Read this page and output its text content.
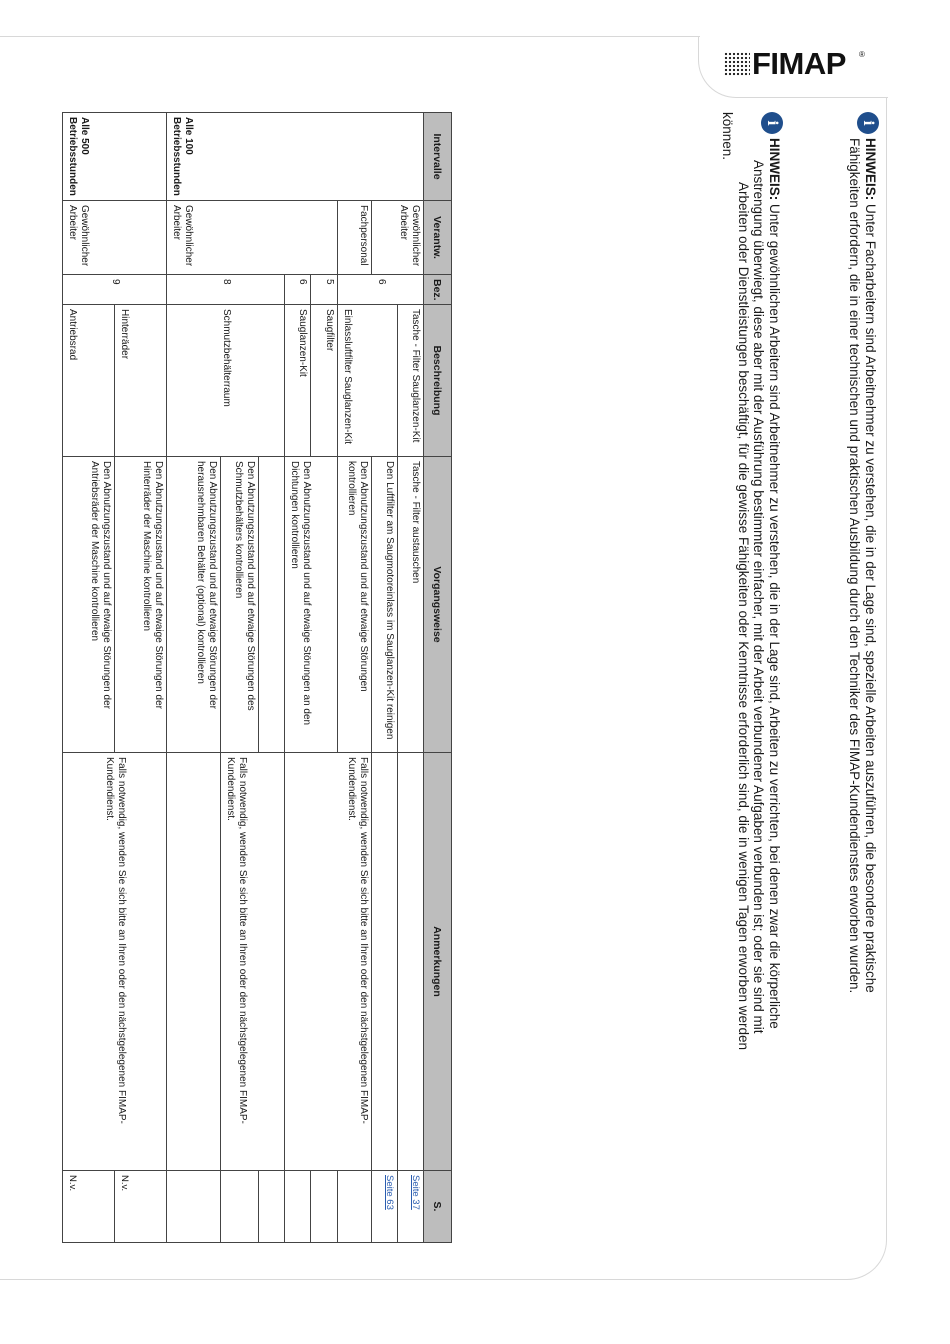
FIMAP ®
Intervalle	Verantw.	Bez.	Beschreibung	Vorgangsweise	Anmerkungen	S.
Alle 100 Betriebsstunden	Gewöhnlicher Arbeiter	6	Tasche - Filter Sauglanzen-Kit	Tasche - Filter austauschen		Seite 37
			Einlassluftfilter Sauglanzen-Kit	Den Luftfilter am Saugmotoreinlass im Sauglanzen-Kit reinigen		Seite 63
	Fachpersonal			Den Abnutzungszustand und auf etwaige Störungen kontrollieren	Falls notwendig, wenden Sie sich bitte an Ihren oder den nächstgelegenen FIMAP-Kundendienst.	
	Gewöhnlicher Arbeiter	5	Saugfilter	Den Abnutzungszustand und auf etwaige Störungen an den Dichtungen kontrollieren		
		6	Sauglanzen-Kit			
		8	Schmutzbehälterraum		Falls notwendig, wenden Sie sich bitte an Ihren oder den nächstgelegenen FIMAP-Kundendienst.	
				Den Abnutzungszustand und auf etwaige Störungen des Schmutzbehälters kontrollieren		
				Den Abnutzungszustand und auf etwaige Störungen der herausnehmbaren Behälter (optional) kontrollieren		
Alle 500 Betriebsstunden	Gewöhnlicher Arbeiter	9	Hinterräder	Den Abnutzungszustand und auf etwaige Störungen der Hinterräder der Maschine kontrollieren	Falls notwendig, wenden Sie sich bitte an Ihren oder den nächstgelegenen FIMAP-Kundendienst.	N.v.
			Antriebsrad	Den Abnutzungszustand und auf etwaige Störungen der Antriebsräder der Maschine kontrollieren		N.v.
i
HINWEIS: Unter gewöhnlichen Arbeitern sind Arbeitnehmer zu verstehen, die in der Lage sind, Arbeiten zu verrichten, bei denen zwar die körperliche
Anstrengung überwiegt, diese aber mit der Ausführung bestimmter einfacher, mit der Arbeit verbundener Aufgaben verbunden ist; oder sie sind mit
Arbeiten oder Dienstleistungen beschäftigt, für die gewisse Fähigkeiten oder Kenntnisse erforderlich sind, die in wenigen Tagen erworben werden
können.	i
HINWEIS: Unter Facharbeitern sind Arbeitnehmer zu verstehen, die in der Lage sind, spezielle Arbeiten auszuführen, die besondere praktische
Fähigkeiten erfordern, die in einer technischen und praktischen Ausbildung durch den Techniker des FIMAP-Kundendienstes erworben wurden.
